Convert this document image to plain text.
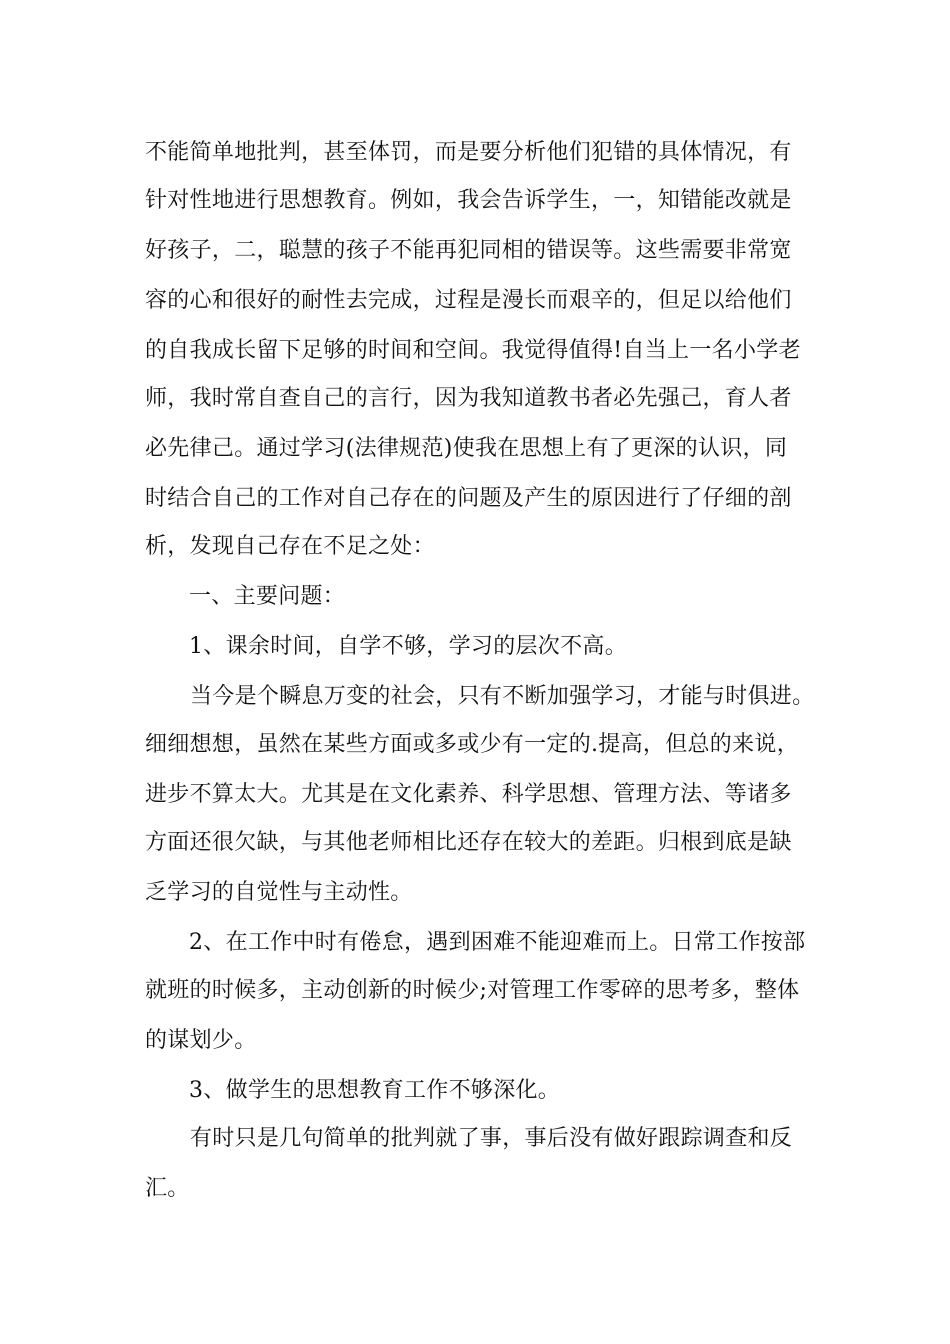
不能简单地批判，甚至体罚，而是要分析他们犯错的具体情况，有
针对性地进行思想教育。例如，我会告诉学生，一，知错能改就是
好孩子，二，聪慧的孩子不能再犯同相的错误等。这些需要非常宽
容的心和很好的耐性去完成，过程是漫长而艰辛的，但足以给他们
的自我成长留下足够的时间和空间。我觉得值得!自当上一名小学老
师，我时常自查自己的言行，因为我知道教书者必先强己，育人者
必先律己。通过学习(法律规范)使我在思想上有了更深的认识，同
时结合自己的工作对自己存在的问题及产生的原因进行了仔细的剖
析，发现自己存在不足之处：
一、主要问题：
1、课余时间，自学不够，学习的层次不高。
当今是个瞬息万变的社会，只有不断加强学习，才能与时俱进。
细细想想，虽然在某些方面或多或少有一定的.提高，但总的来说，
进步不算太大。尤其是在文化素养、科学思想、管理方法、等诸多
方面还很欠缺，与其他老师相比还存在较大的差距。归根到底是缺
乏学习的自觉性与主动性。
2、在工作中时有倦怠，遇到困难不能迎难而上。日常工作按部
就班的时候多，主动创新的时候少;对管理工作零碎的思考多，整体
的谋划少。
3、做学生的思想教育工作不够深化。
有时只是几句简单的批判就了事，事后没有做好跟踪调查和反
汇。
